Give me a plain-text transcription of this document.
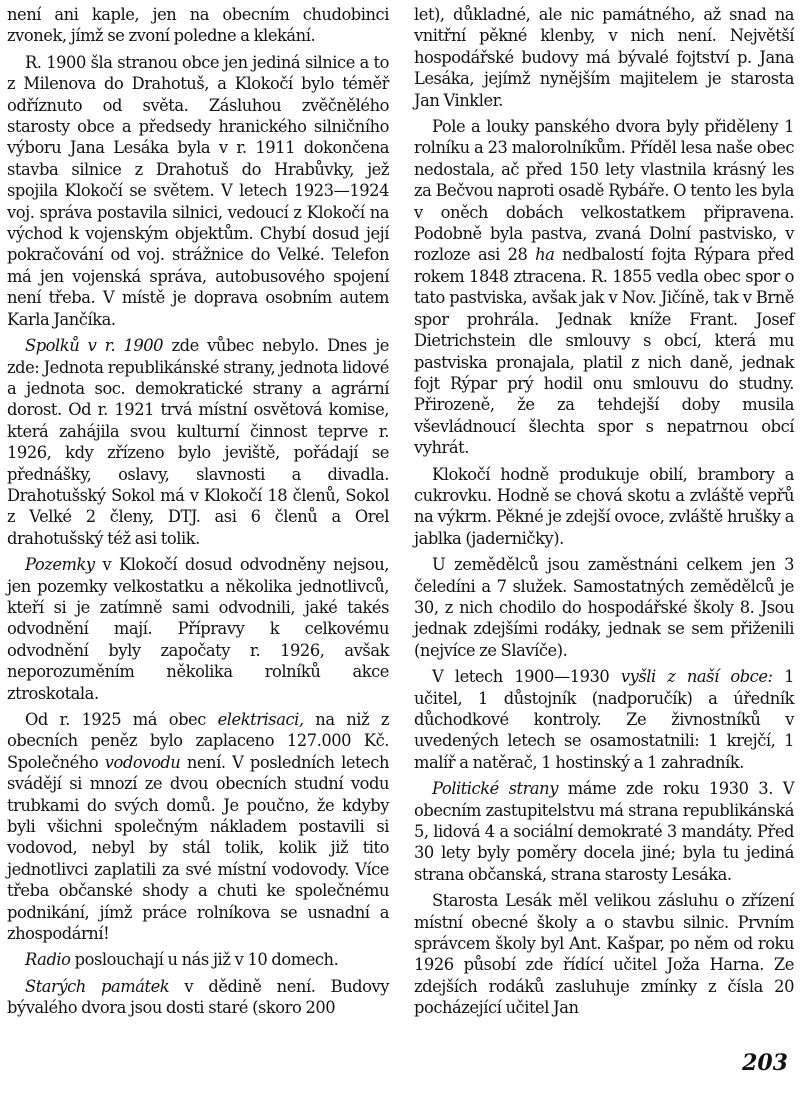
není ani kaple, jen na obecním chudobinci zvonek, jímž se zvoní poledne a klekání.

R. 1900 šla stranou obce jen jediná silnice a to z Milenova do Drahotuš, a Klokočí bylo téměř odříznuto od světa. Zásluhou zvěčnělého starosty obce a předsedy hranického silničního výboru Jana Lesáka byla v r. 1911 dokončena stavba silnice z Drahotuš do Hrabůvky, jež spojila Klokočí se světem. V letech 1923—1924 voj. správa postavila silnici, vedoucí z Klokočí na východ k vojenským objektům. Chybí dosud její pokračování od voj. strážnice do Velké. Telefon má jen vojenská správa, autobusového spojení není třeba. V místě je doprava osobním autem Karla Jančíka.

Spolků v r. 1900 zde vůbec nebylo. Dnes je zde: Jednota republikánské strany, jednota lidové a jednota soc. demokratické strany a agrární dorost. Od r. 1921 trvá místní osvětová komise, která zahájila svou kulturní činnost teprve r. 1926, kdy zřízeno bylo jeviště, pořádají se přednášky, oslavy, slavnosti a divadla. Drahotušský Sokol má v Klokočí 18 členů, Sokol z Velké 2 členy, DTJ. asi 6 členů a Orel drahotušský též asi tolik.

Pozemky v Klokočí dosud odvodněny nejsou, jen pozemky velkostatku a několika jednotlivců, kteří si je zatímně sami odvodnili, jaké takés odvodnění mají. Přípravy k celkovému odvodnění byly započaty r. 1926, avšak neporozuměním několika rolníků akce ztroskotala.

Od r. 1925 má obec elektrisaci, na niž z obecních peněz bylo zaplaceno 127.000 Kč. Společného vodovodu není. V posledních letech svádějí si mnozí ze dvou obecních studní vodu trubkami do svých domů. Je poučno, že kdyby byli všichni společným nákladem postavili si vodovod, nebyl by stál tolik, kolik již tito jednotlivci zaplatili za své místní vodovody. Více třeba občanské shody a chuti ke společnému podnikání, jímž práce rolníkova se usnadní a zhospodární!

Radio poslouchají u nás již v 10 domech.

Starých památek v dědině není. Budovy bývalého dvora jsou dosti staré (skoro 200

let), důkladné, ale nic památného, až snad na vnitřní pěkné klenby, v nich není. Největší hospodářské budovy má bývalé fojtství p. Jana Lesáka, jejímž nynějším majitelem je starosta Jan Vinkler.

Pole a louky panského dvora byly přiděleny 1 rolníku a 23 malorolníkům. Příděl lesa naše obec nedostala, ač před 150 lety vlastnila krásný les za Bečvou naproti osadě Rybáře. O tento les byla v oněch dobách velkostatkem připravena. Podobně byla pastva, zvaná Dolní pastvisko, v rozloze asi 28 ha nedbalostí fojta Rýpara před rokem 1848 ztracena. R. 1855 vedla obec spor o tato pastviska, avšak jak v Nov. Jičíně, tak v Brně spor prohrála. Jednak kníže Frant. Josef Dietrichstein dle smlouvy s obcí, která mu pastviska pronajala, platil z nich daně, jednak fojt Rýpar prý hodil onu smlouvu do studny. Přirozeně, že za tehdejší doby musila vševládnoucí šlechta spor s nepatrnou obcí vyhrát.

Klokočí hodně produkuje obilí, brambory a cukrovku. Hodně se chová skotu a zvláště vepřů na výkrm. Pěkné je zdejší ovoce, zvláště hrušky a jablka (jaderničky).

U zemědělců jsou zaměstnáni celkem jen 3 čeledíni a 7 služek. Samostatných zemědělců je 30, z nich chodilo do hospodářské školy 8. Jsou jednak zdejšími rodáky, jednak se sem přiženili (nejvíce ze Slavíče).

V letech 1900—1930 vyšli z naší obce: 1 učitel, 1 důstojník (nadporučík) a úředník důchodkové kontroly. Ze živnostníků v uvedených letech se osamostatnili: 1 krejčí, 1 malíř a natěrač, 1 hostinský a 1 zahradník.

Politické strany máme zde roku 1930 3. V obecním zastupitelstvu má strana republikánská 5, lidová 4 a sociální demokraté 3 mandáty. Před 30 lety byly poměry docela jiné; byla tu jediná strana občanská, strana starosty Lesáka.

Starosta Lesák měl velikou zásluhu o zřízení místní obecné školy a o stavbu silnic. Prvním správcem školy byl Ant. Kašpar, po něm od roku 1926 působí zde řídící učitel Joža Harna. Ze zdejších rodáků zasluhuje zmínky z čísla 20 pocházející učitel Jan

203
